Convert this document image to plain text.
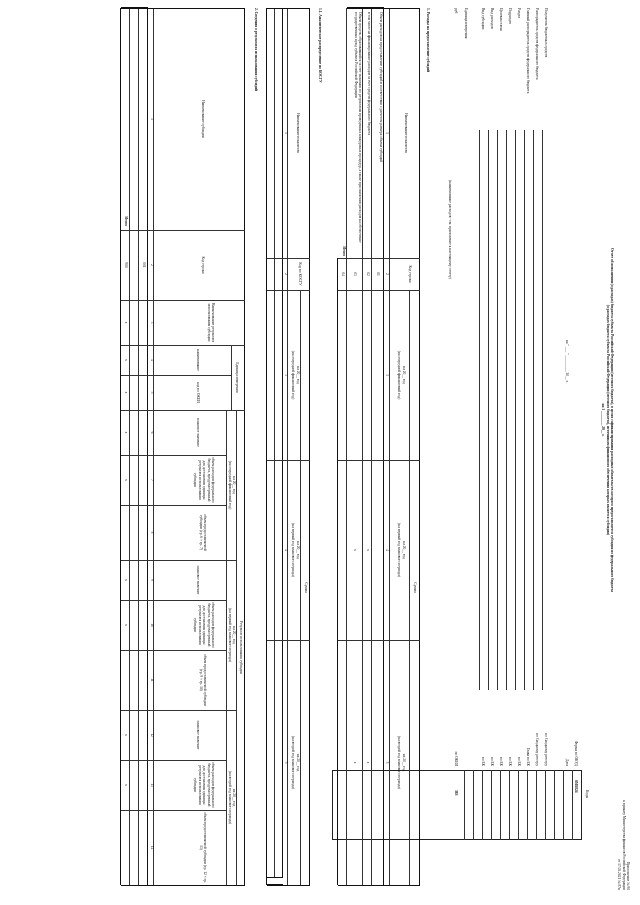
Приложение № 90
к приказу Министерства финансов Российской Федерации
от 17.03.2021 № 87н
Отчет об исполнении (о расходах) бюджета субъекта Российской Федерации (местного бюджета), в целях софинансирования расходных обязательств которого предоставляется субсидия из федерального бюджета
(о расходах бюджета субъекта Российской Федерации (местного бюджета), источником финансового обеспечения которых является субсидия)
на 1 ________ 20__ г.
Коды
Форма по ОКУД
0505824
Дата
на " ___ " _________ 20__ г.
Получатель бюджетных средств
по Сводному реестру
Распорядитель средств федерального бюджета
по Сводному реестру
Главный распорядитель средств федерального бюджета
Глава по БК
Раздел
по БК
Подраздел
по БК
Целевая статья
по БК
Вид расходов
по БК
Вид субсидии
по БК
Единица измерения:
руб
(наименование расходов - см. приложение к настоящему отчету)
по ОКЕИ
383
1. Расходы на предоставление субсидий
Наименование показателя
Код строки
Сумма
на 20__ год
(на очередной финансовый год)
на 20__ год
(на первый год планового периода)
на 20__ год
(на второй год планового периода)
1
2
3
4
5
Объем расходов на предоставление субсидий в соответствии с расчетом размера объема субсидий
01
в том числе на финансирование расходов за счет средств федерального бюджета
02
x
x
Объем средств, образовавшийся за счет экономии по результатам проведенных конкурсных процедур, а также при снижении расходов на обеспечение государственных нужд субъекта Российской Федерации
03
x
x
Итого
04
1.1. Аналитическое распределение по КОСГУ
Наименование показателя
Код по КОСГУ
Сумма
на 20__ год
(на очередной финансовый год)
на 20__ год
(на первый год планового периода)
на 20__ год
(на второй год планового периода)
1
2
3
4
5
2. Сведения о результатах использования субсидий
Наименование субсидии
Код строки
Наименование результата использования субсидии
Единица измерения
наименование
код по ОКЕИ
Результат использования субсидии
на 20__ год
(на очередной финансовый год)
плановое значение
объем расходов федерального бюджета, предусмотренный для достижения единицы результата использования субсидии
объем предоставляемой субсидии (гр. 6 × гр. 7)
на 20__ год
(на первый год планового периода)
плановое значение
объем расходов федерального бюджета, предусмотренный для достижения единицы результата использования субсидии
объем предоставляемой субсидии (гр. 9 × гр. 10)
на 20__ год
(на второй год планового периода)
плановое значение
объем расходов федерального бюджета, предусмотренный для достижения единицы результата использования субсидии
объем предоставляемой субсидии (гр. 12 × гр. 13)
1
2
3
4
5
6
7
8
9
10
11
12
13
14
001
900
Итого
x
x
x
x
x
x
x
x
x
